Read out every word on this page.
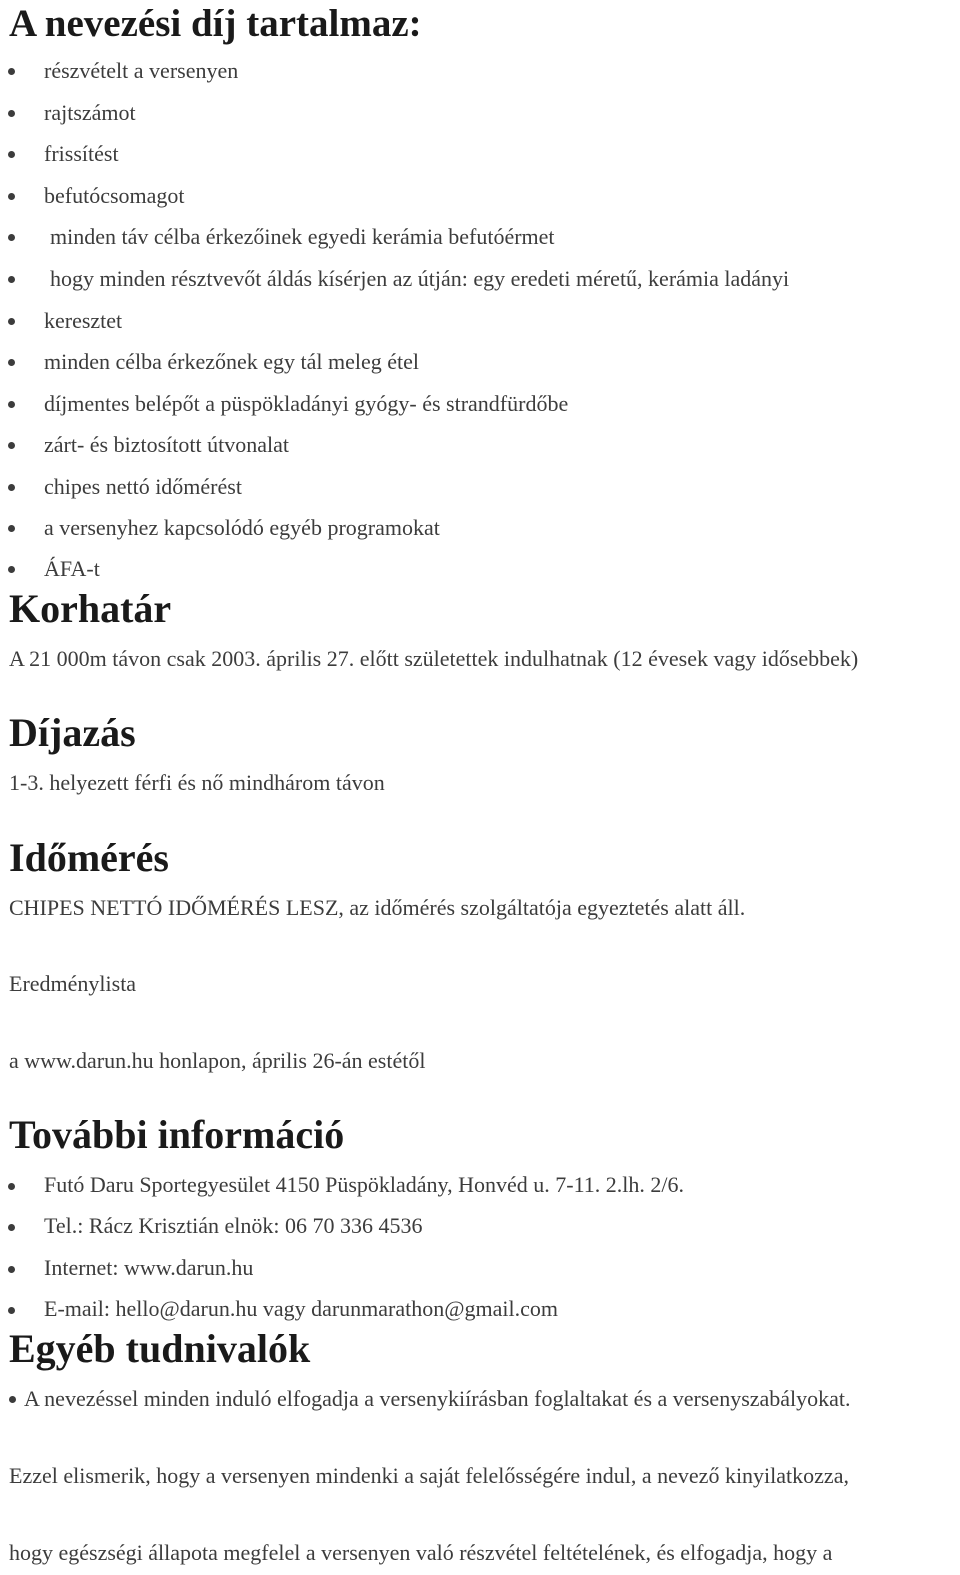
A nevezési díj tartalmaz:
részvételt a versenyen
rajtszámot
frissítést
befutócsomagot
minden táv célba érkezőinek egyedi kerámia befutóérmet
hogy minden résztvevőt áldás kísérjen az útján: egy eredeti méretű, kerámia ladányi
keresztet
minden célba érkezőnek egy tál meleg étel
díjmentes belépőt a püspökladányi gyógy- és strandfürdőbe
zárt- és biztosított útvonalat
chipes nettó időmérést
a versenyhez kapcsolódó egyéb programokat
ÁFA-t
Korhatár
A 21 000m távon csak 2003. április 27. előtt születettek indulhatnak (12 évesek vagy idősebbek)
Díjazás
1-3. helyezett férfi és nő mindhárom távon
Időmérés
CHIPES NETTÓ IDŐMÉRÉS LESZ, az időmérés szolgáltatója egyeztetés alatt áll.
Eredménylista
a www.darun.hu honlapon, április 26-án estétől
További információ
Futó Daru Sportegyesület 4150 Püspökladány, Honvéd u. 7-11. 2.lh. 2/6.
Tel.: Rácz Krisztián elnök: 06 70 336 4536
Internet: www.darun.hu
E-mail: hello@darun.hu vagy darunmarathon@gmail.com
Egyéb tudnivalók
A nevezéssel minden induló elfogadja a versenykiírásban foglaltakat és a versenyszabályokat.
Ezzel elismerik, hogy a versenyen mindenki a saját felelősségére indul, a nevező kinyilatkozza,
hogy egészségi állapota megfelel a versenyen való részvétel feltételének, és elfogadja, hogy a
